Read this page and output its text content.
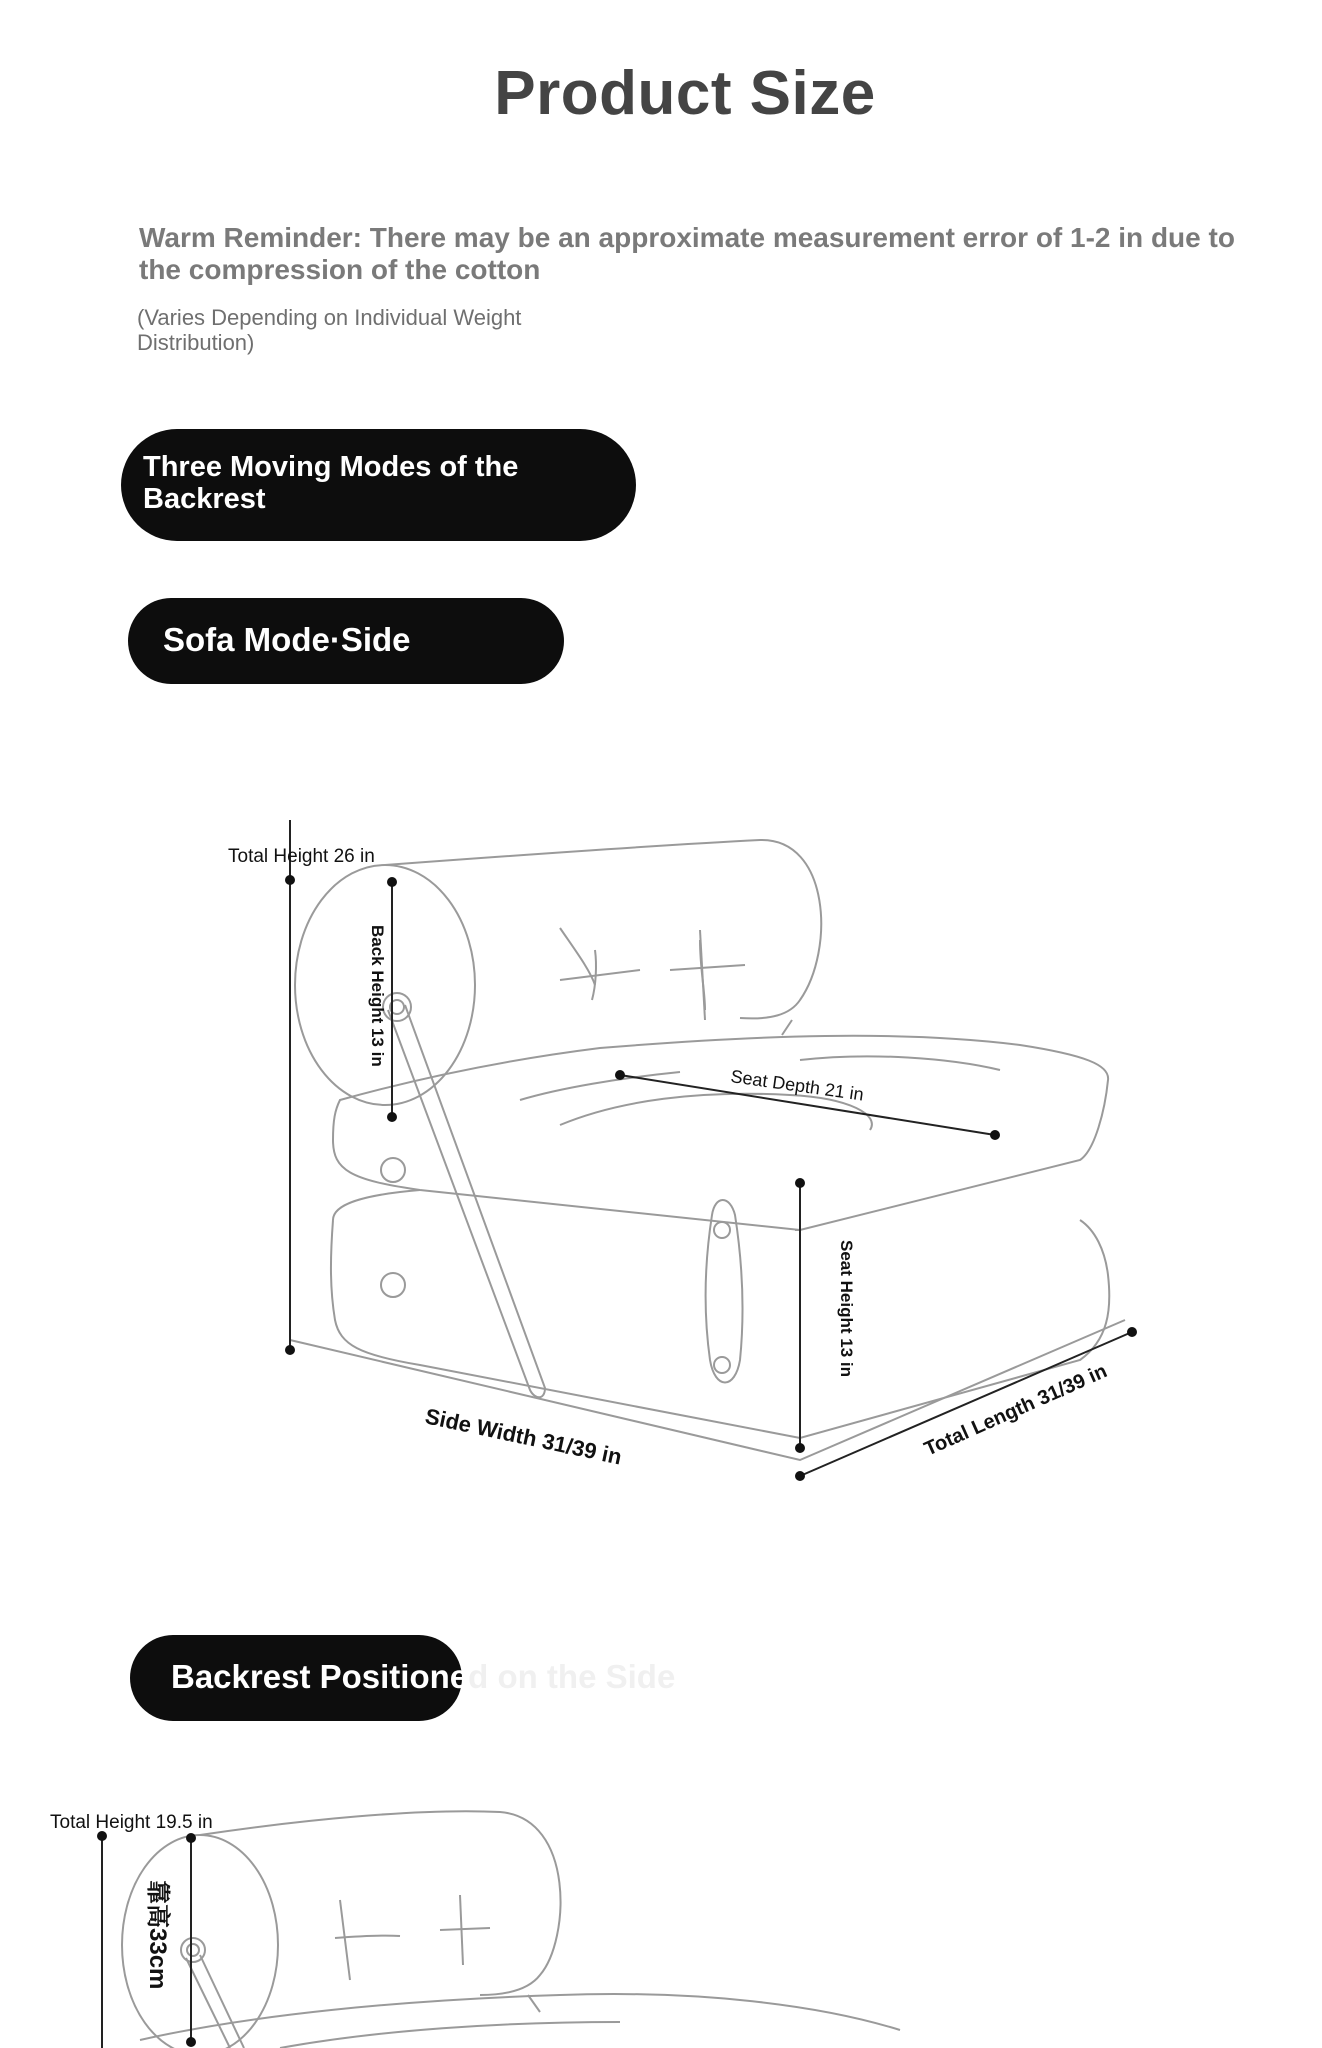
Product Size
Warm Reminder: There may be an approximate measurement error of 1-2 in due to the compression of the cotton
(Varies Depending on Individual Weight Distribution)
Three Moving Modes of the Backrest
Sofa Mode·Side
Total Height 26 in
Back Height 13 in
Seat Depth 21 in
Seat Height 13 in
Side Width 31/39 in	Total Length 31/39 in
Backrest Positioned on the Side
Total Height 19.5 in
靠高33cm
